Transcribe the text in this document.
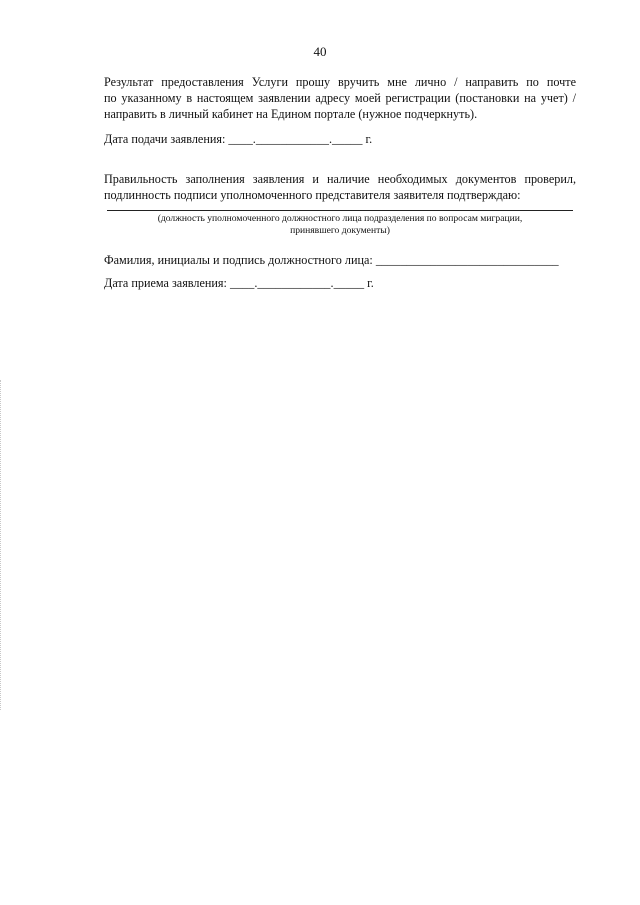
40
Результат предоставления Услуги прошу вручить мне лично / направить по почте
по указанному в настоящем заявлении адресу моей регистрации (постановки на учет) /
направить в личный кабинет на Едином портале (нужное подчеркнуть).
Дата подачи заявления: ____.____________._____ г.
Правильность заполнения заявления и наличие необходимых документов проверил,
подлинность подписи уполномоченного представителя заявителя подтверждаю:
(должность уполномоченного должностного лица подразделения по вопросам миграции,
принявшего документы)
Фамилия, инициалы и подпись должностного лица: ______________________________
Дата приема заявления: ____.____________._____ г.
